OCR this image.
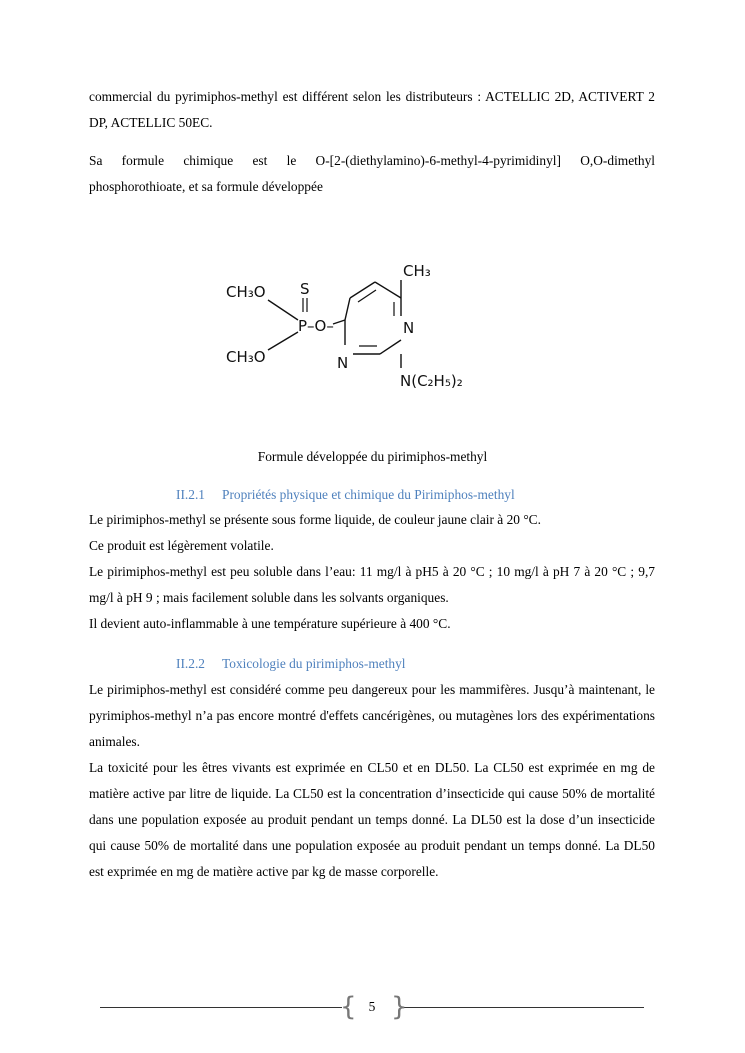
commercial du pyrimiphos-methyl est différent selon les distributeurs : ACTELLIC 2D, ACTIVERT 2 DP, ACTELLIC 50EC.

Sa formule chimique est le O-[2-(diethylamino)-6-methyl-4-pyrimidinyl] O,O-dimethyl phosphorothioate, et sa formule développée

CH₃O
CH₃O
S
P–O–
CH₃
N
N
N(C₂H₅)₂
Formule développée du pirimiphos-methyl
II.2.1 Propriétés physique et chimique du Pirimiphos-methyl

Le pirimiphos-methyl se présente sous forme liquide, de couleur jaune clair à 20 °C.

Ce produit est légèrement volatile.

Le pirimiphos-methyl est peu soluble dans l’eau: 11 mg/l à pH5 à 20 °C ; 10 mg/l à pH 7 à 20 °C ; 9,7 mg/l à pH 9 ; mais facilement soluble dans les solvants organiques.

Il devient auto-inflammable à une température supérieure à 400 °C.

II.2.2 Toxicologie du pirimiphos-methyl

Le pirimiphos-methyl est considéré comme peu dangereux pour les mammifères. Jusqu’à maintenant, le pyrimiphos-methyl n’a pas encore montré d'effets cancérigènes, ou mutagènes lors des expérimentations animales.

La toxicité pour les êtres vivants est exprimée en CL50 et en DL50. La CL50 est exprimée en mg de matière active par litre de liquide. La CL50 est la concentration d’insecticide qui cause 50% de mortalité dans une population exposée au produit pendant un temps donné. La DL50 est la dose d’un insecticide qui cause 50% de mortalité dans une population exposée au produit pendant un temps donné. La DL50 est exprimée en mg de matière active par kg de masse corporelle.

{ }
5
